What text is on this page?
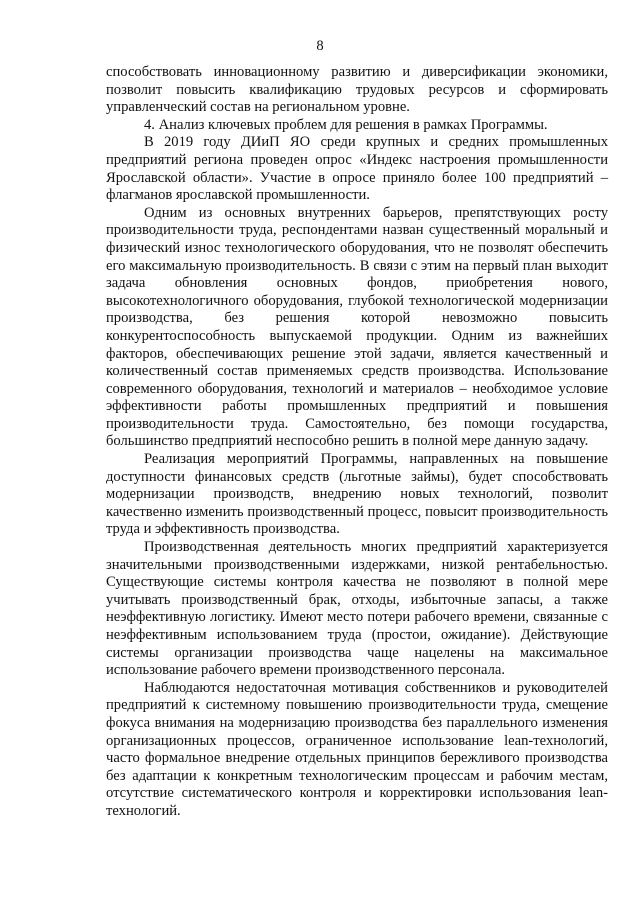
8

способствовать инновационному развитию и диверсификации экономики, позволит повысить квалификацию трудовых ресурсов и сформировать управленческий состав на региональном уровне.

4. Анализ ключевых проблем для решения в рамках Программы.

В 2019 году ДИиП ЯО среди крупных и средних промышленных предприятий региона проведен опрос «Индекс настроения промышленности Ярославской области». Участие в опросе приняло более 100 предприятий – флагманов ярославской промышленности.

Одним из основных внутренних барьеров, препятствующих росту производительности труда, респондентами назван существенный моральный и физический износ технологического оборудования, что не позволят обеспечить его максимальную производительность. В связи с этим на первый план выходит задача обновления основных фондов, приобретения нового, высокотехнологичного оборудования, глубокой технологической модернизации производства, без решения которой невозможно повысить конкурентоспособность выпускаемой продукции. Одним из важнейших факторов, обеспечивающих решение этой задачи, является качественный и количественный состав применяемых средств производства. Использование современного оборудования, технологий и материалов – необходимое условие эффективности работы промышленных предприятий и повышения производительности труда. Самостоятельно, без помощи государства, большинство предприятий неспособно решить в полной мере данную задачу.

Реализация мероприятий Программы, направленных на повышение доступности финансовых средств (льготные займы), будет способствовать модернизации производств, внедрению новых технологий, позволит качественно изменить производственный процесс, повысит производительность труда и эффективность производства.

Производственная деятельность многих предприятий характеризуется значительными производственными издержками, низкой рентабельностью. Существующие системы контроля качества не позволяют в полной мере учитывать производственный брак, отходы, избыточные запасы, а также неэффективную логистику. Имеют место потери рабочего времени, связанные с неэффективным использованием труда (простои, ожидание). Действующие системы организации производства чаще нацелены на максимальное использование рабочего времени производственного персонала.

Наблюдаются недостаточная мотивация собственников и руководителей предприятий к системному повышению производительности труда, смещение фокуса внимания на модернизацию производства без параллельного изменения организационных процессов, ограниченное использование lean-технологий, часто формальное внедрение отдельных принципов бережливого производства без адаптации к конкретным технологическим процессам и рабочим местам, отсутствие систематического контроля и корректировки использования lean-технологий.
